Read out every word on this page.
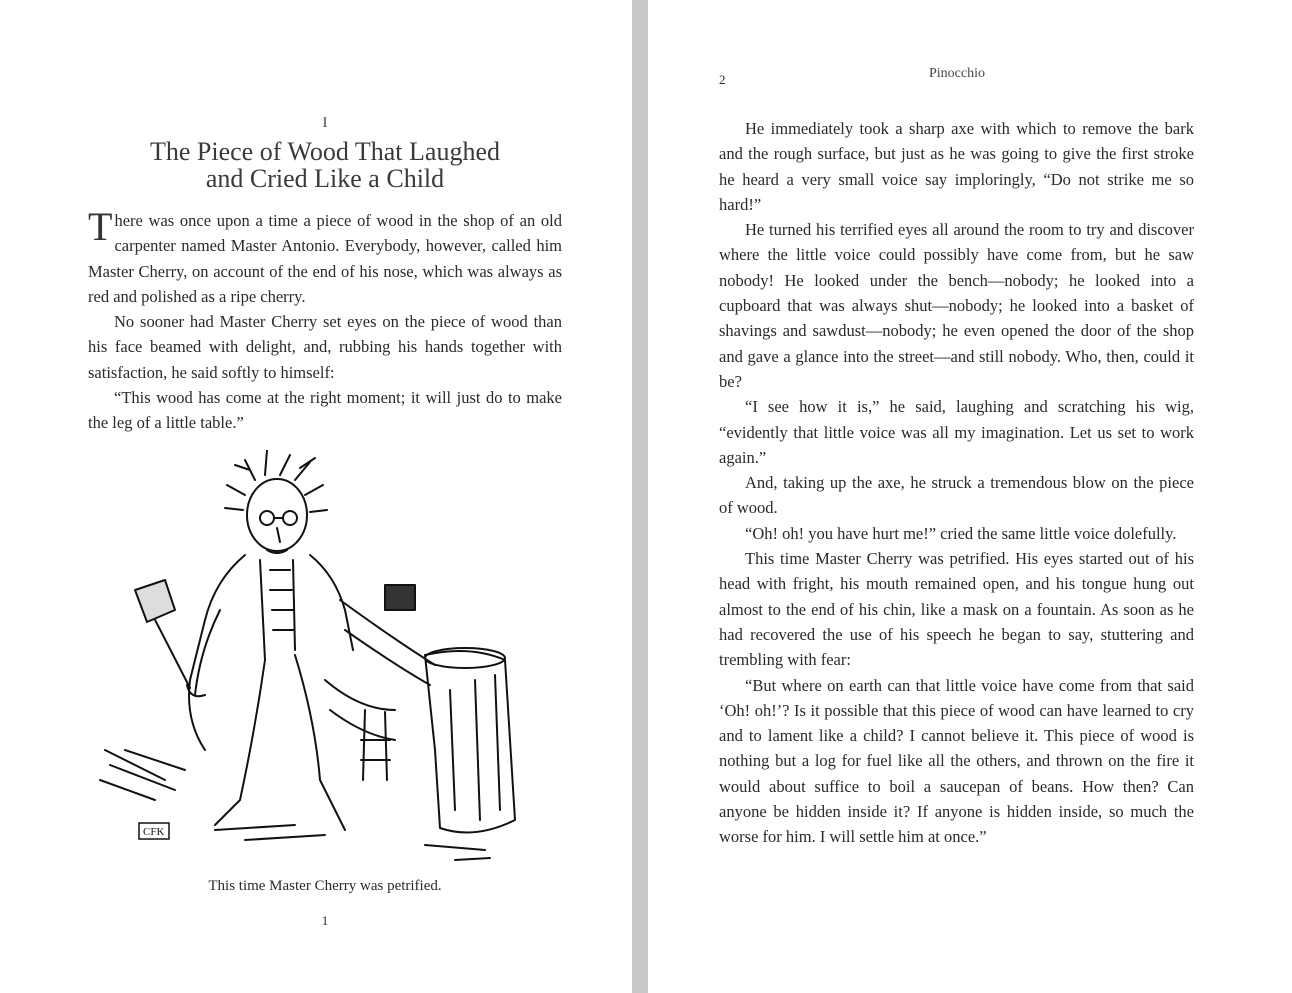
I
The Piece of Wood That Laughed
and Cried Like a Child

There was once upon a time a piece of wood in the shop of an old carpenter named Master Antonio. Everybody, however, called him Master Cherry, on account of the end of his nose, which was always as red and polished as a ripe cherry.

No sooner had Master Cherry set eyes on the piece of wood than his face beamed with delight, and, rubbing his hands together with satisfaction, he said softly to himself:

“This wood has come at the right moment; it will just do to make the leg of a little table.”

CFK
This time Master Cherry was petrified.
1
2	Pinocchio

He immediately took a sharp axe with which to remove the bark and the rough surface, but just as he was going to give the first stroke he heard a very small voice say imploringly, “Do not strike me so hard!”

He turned his terrified eyes all around the room to try and discover where the little voice could possibly have come from, but he saw nobody! He looked under the bench—nobody; he looked into a cupboard that was always shut—nobody; he looked into a basket of shavings and sawdust—nobody; he even opened the door of the shop and gave a glance into the street—and still nobody. Who, then, could it be?

“I see how it is,” he said, laughing and scratching his wig, “evidently that little voice was all my imagination. Let us set to work again.”

And, taking up the axe, he struck a tremendous blow on the piece of wood.

“Oh! oh! you have hurt me!” cried the same little voice dolefully.

This time Master Cherry was petrified. His eyes started out of his head with fright, his mouth remained open, and his tongue hung out almost to the end of his chin, like a mask on a fountain. As soon as he had recovered the use of his speech he began to say, stuttering and trembling with fear:

“But where on earth can that little voice have come from that said ‘Oh! oh!’? Is it possible that this piece of wood can have learned to cry and to lament like a child? I cannot believe it. This piece of wood is nothing but a log for fuel like all the others, and thrown on the fire it would about suffice to boil a saucepan of beans. How then? Can anyone be hidden inside it? If anyone is hidden inside, so much the worse for him. I will settle him at once.”
